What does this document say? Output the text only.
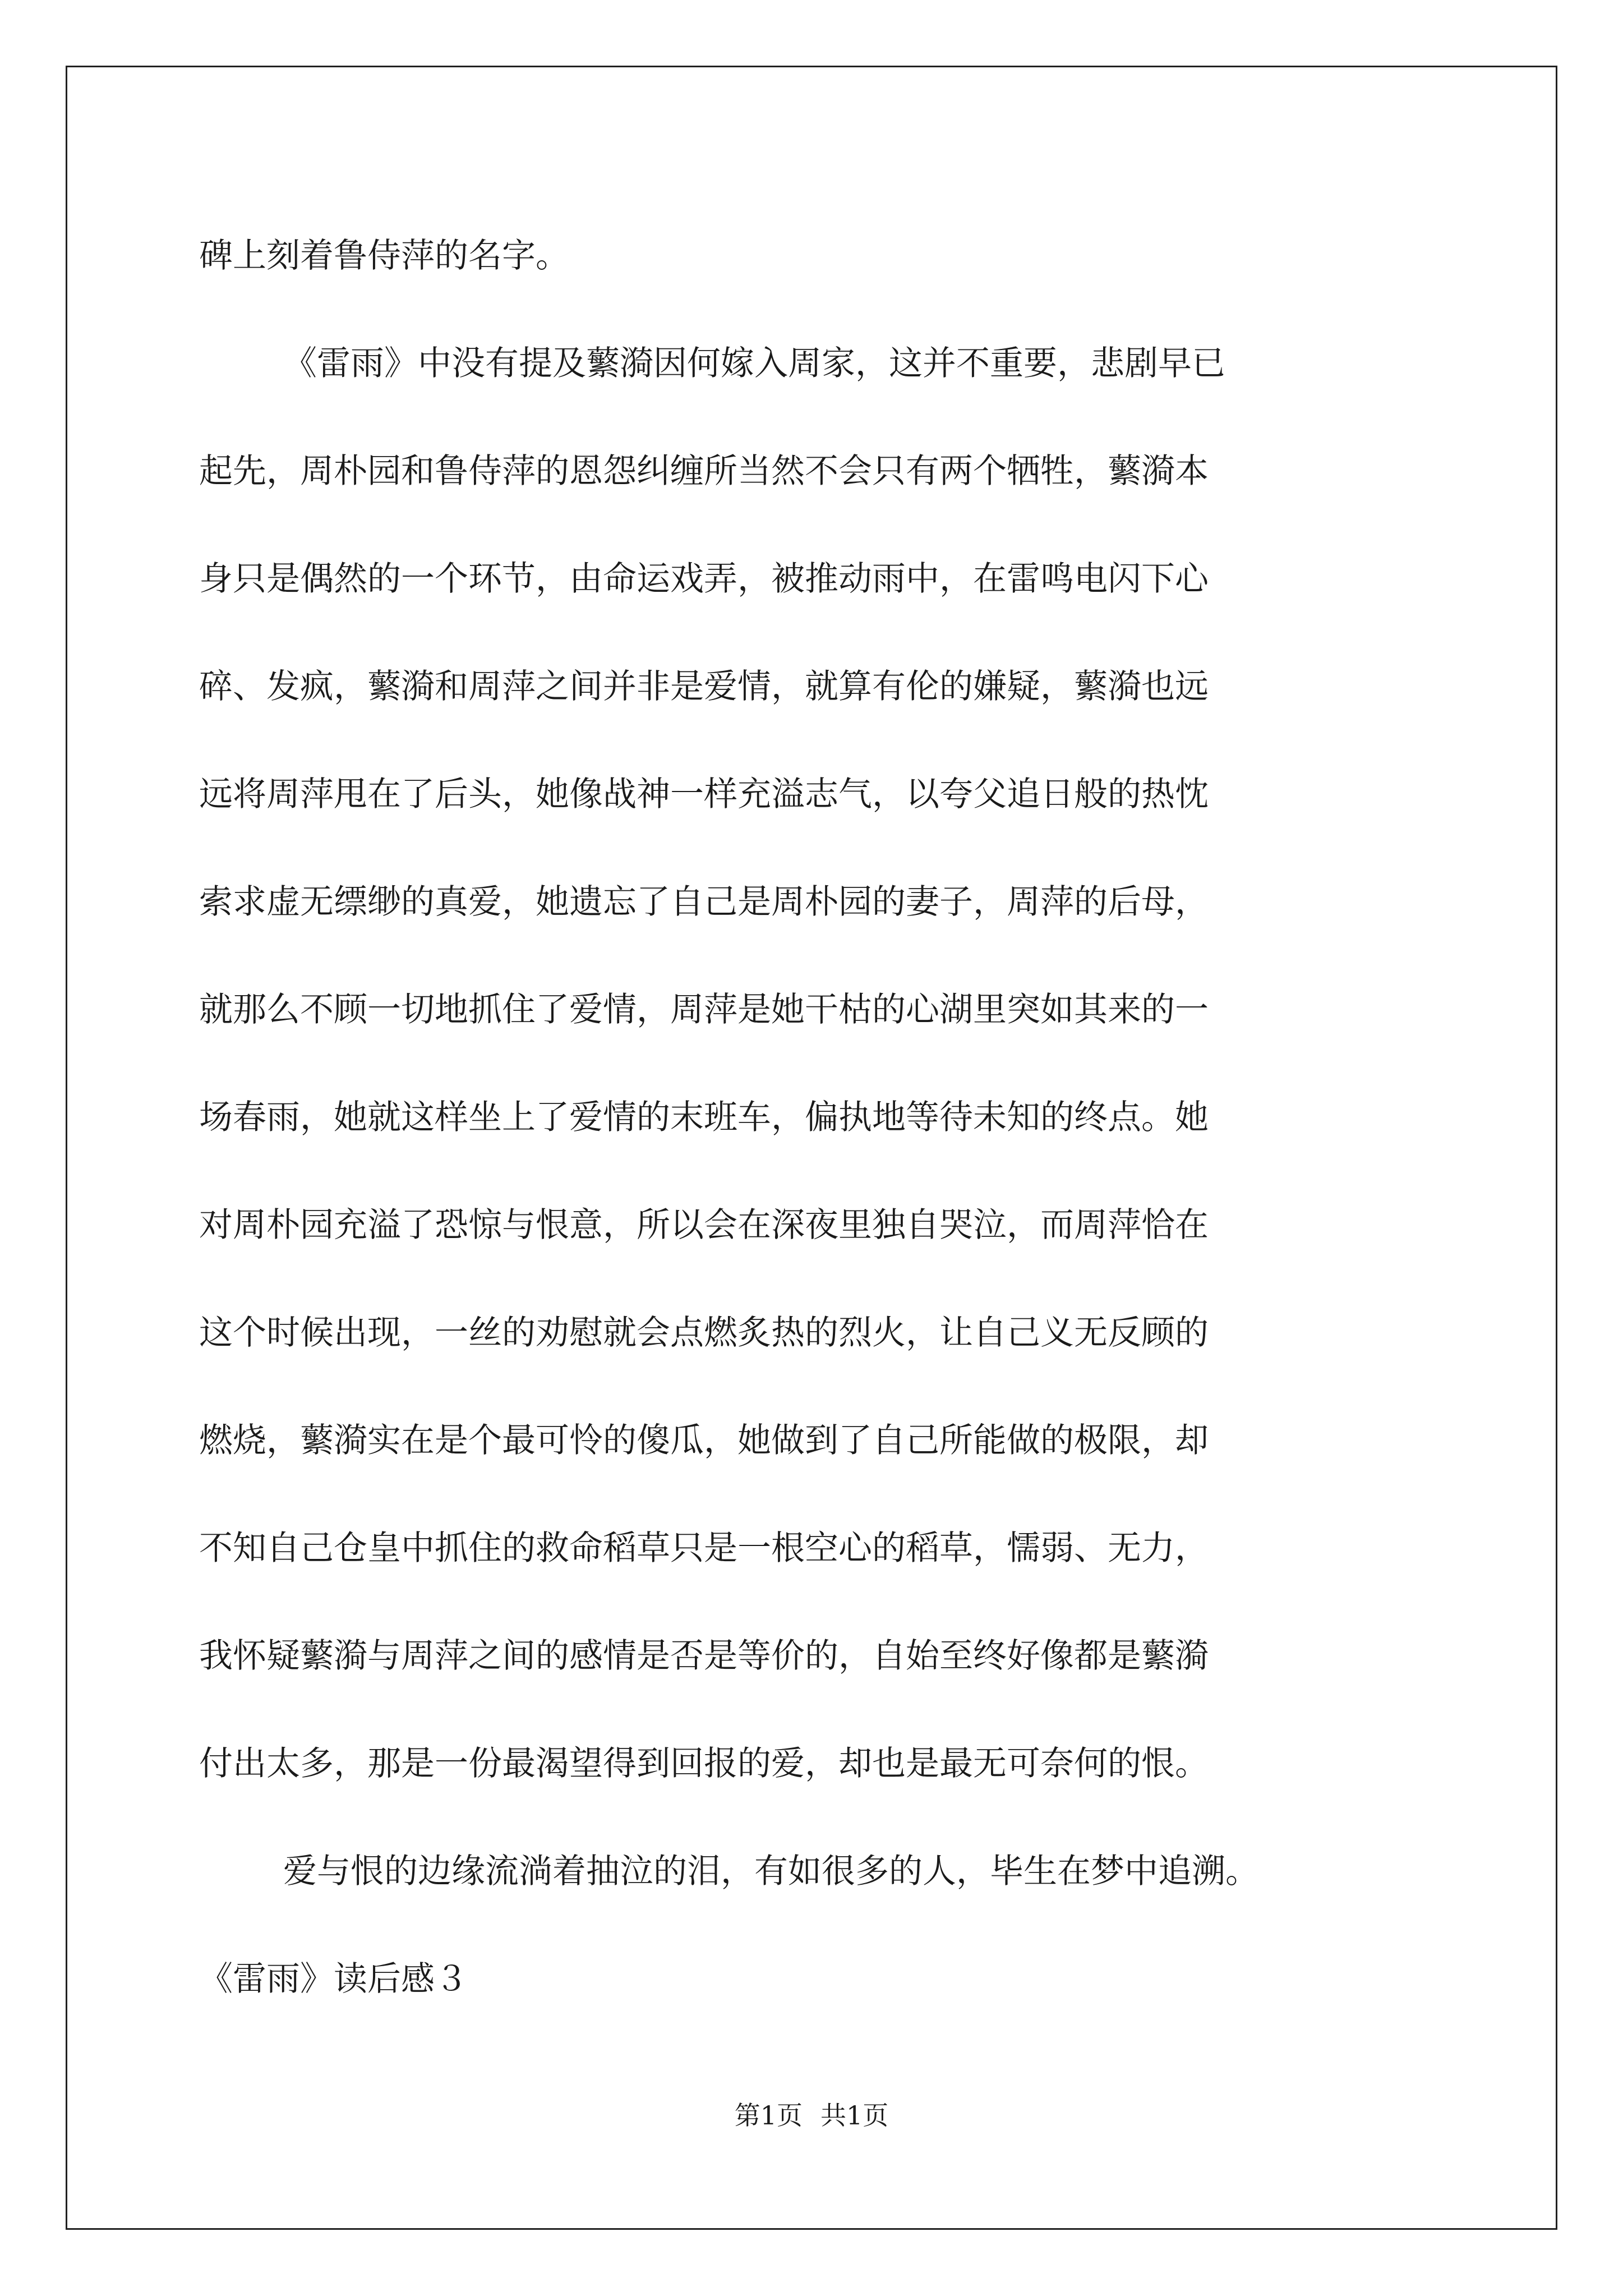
碑上刻着鲁侍萍的名字。
《雷雨》中没有提及蘩漪因何嫁入周家，这并不重要，悲剧早已
起先，周朴园和鲁侍萍的恩怨纠缠所当然不会只有两个牺牲，蘩漪本
身只是偶然的一个环节，由命运戏弄，被推动雨中，在雷鸣电闪下心
碎、发疯，蘩漪和周萍之间并非是爱情，就算有伦的嫌疑，蘩漪也远
远将周萍甩在了后头，她像战神一样充溢志气，以夸父追日般的热忱
索求虚无缥缈的真爱，她遗忘了自己是周朴园的妻子，周萍的后母，
就那么不顾一切地抓住了爱情，周萍是她干枯的心湖里突如其来的一
场春雨，她就这样坐上了爱情的末班车，偏执地等待未知的终点。她
对周朴园充溢了恐惊与恨意，所以会在深夜里独自哭泣，而周萍恰在
这个时候出现，一丝的劝慰就会点燃炙热的烈火，让自己义无反顾的
燃烧，蘩漪实在是个最可怜的傻瓜，她做到了自己所能做的极限，却
不知自己仓皇中抓住的救命稻草只是一根空心的稻草，懦弱、无力，
我怀疑蘩漪与周萍之间的感情是否是等价的，自始至终好像都是蘩漪
付出太多，那是一份最渴望得到回报的爱，却也是最无可奈何的恨。
爱与恨的边缘流淌着抽泣的泪，有如很多的人，毕生在梦中追溯。
《雷雨》读后感３
第1页 共1页
